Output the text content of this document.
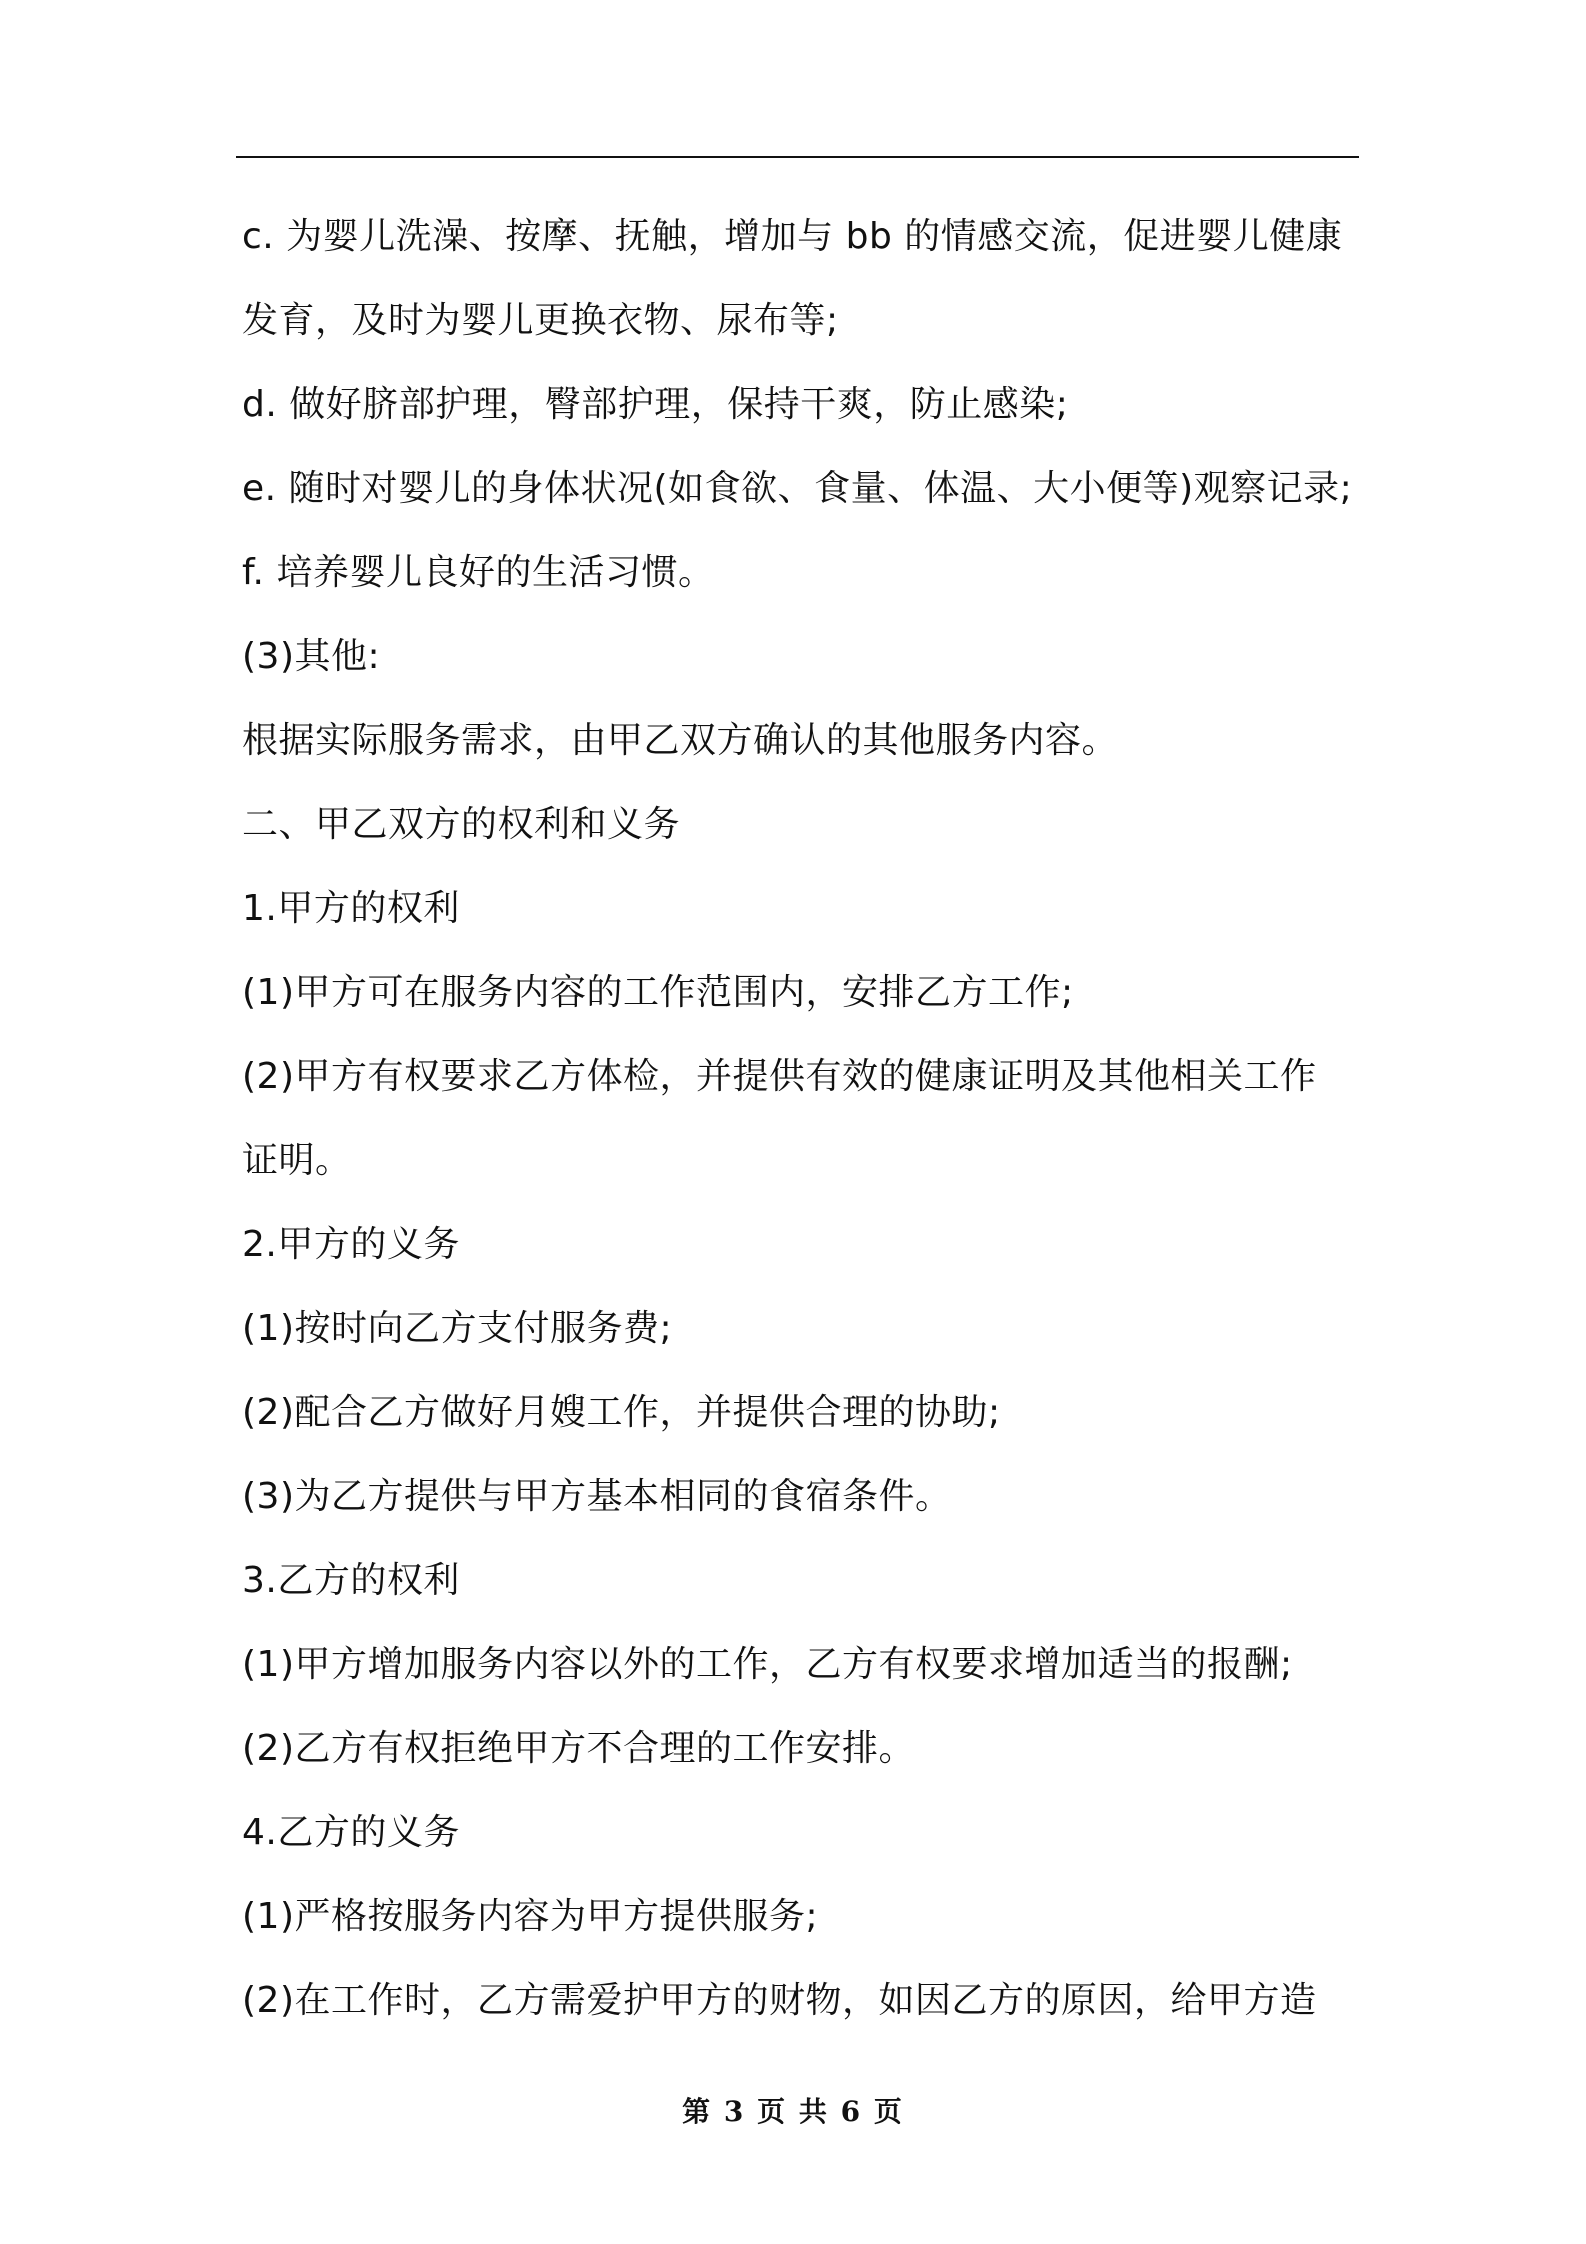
c. 为婴儿洗澡、按摩、抚触，增加与 bb 的情感交流，促进婴儿健康
发育，及时为婴儿更换衣物、尿布等;
d. 做好脐部护理，臀部护理，保持干爽，防止感染;
e. 随时对婴儿的身体状况(如食欲、食量、体温、大小便等)观察记录;
f. 培养婴儿良好的生活习惯。
(3)其他:
根据实际服务需求，由甲乙双方确认的其他服务内容。
二、甲乙双方的权利和义务
1.甲方的权利
(1)甲方可在服务内容的工作范围内，安排乙方工作;
(2)甲方有权要求乙方体检，并提供有效的健康证明及其他相关工作
证明。
2.甲方的义务
(1)按时向乙方支付服务费;
(2)配合乙方做好月嫂工作，并提供合理的协助;
(3)为乙方提供与甲方基本相同的食宿条件。
3.乙方的权利
(1)甲方增加服务内容以外的工作，乙方有权要求增加适当的报酬;
(2)乙方有权拒绝甲方不合理的工作安排。
4.乙方的义务
(1)严格按服务内容为甲方提供服务;
(2)在工作时，乙方需爱护甲方的财物，如因乙方的原因，给甲方造
第 3 页 共 6 页
